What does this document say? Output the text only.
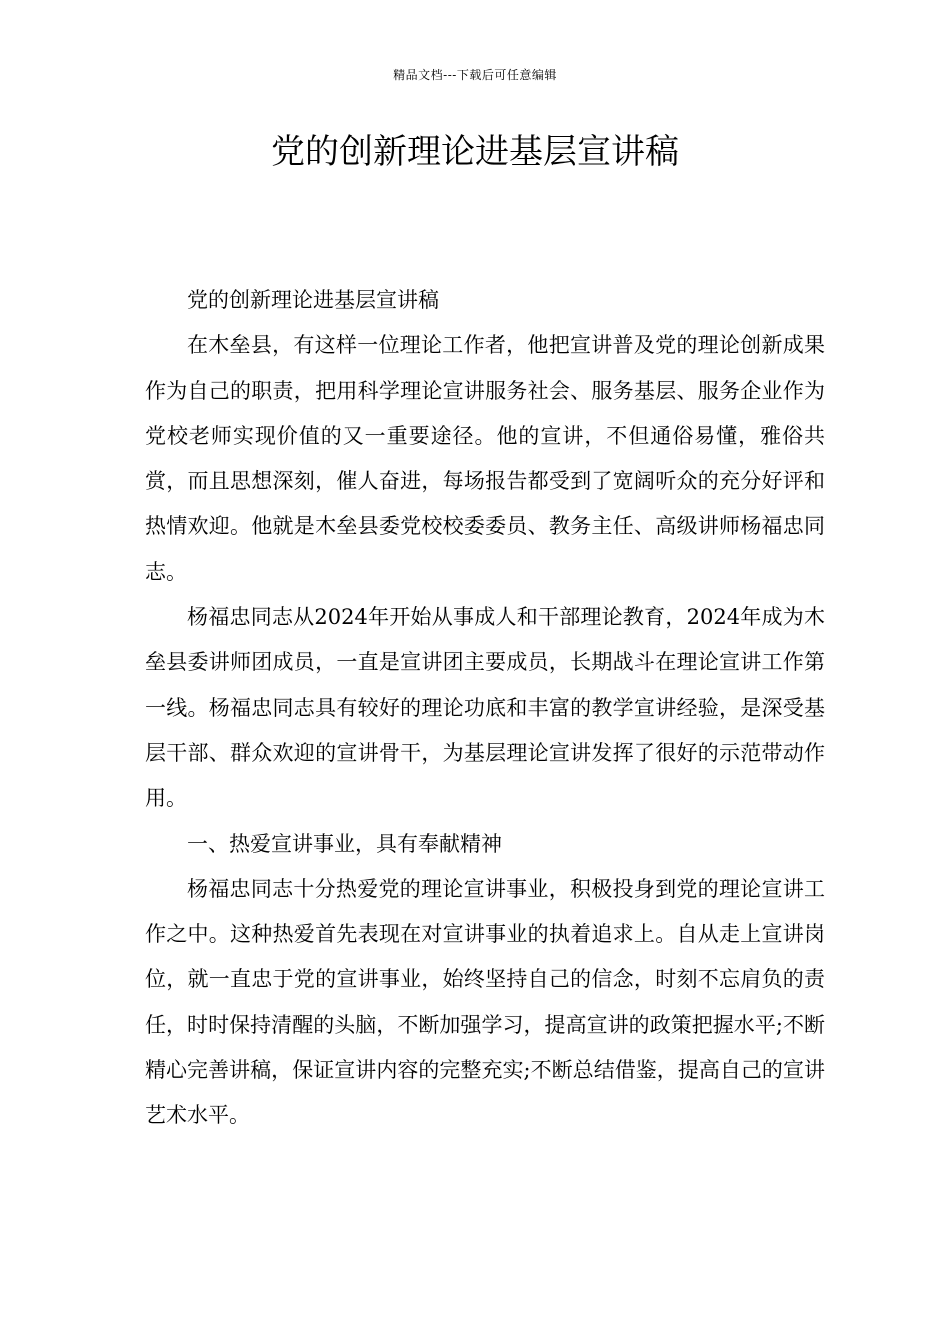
精品文档---下载后可任意编辑
党的创新理论进基层宣讲稿

党的创新理论进基层宣讲稿

在木垒县，有这样一位理论工作者，他把宣讲普及党的理论创新成果作为自己的职责，把用科学理论宣讲服务社会、服务基层、服务企业作为党校老师实现价值的又一重要途径。他的宣讲，不但通俗易懂，雅俗共赏，而且思想深刻，催人奋进，每场报告都受到了宽阔听众的充分好评和热情欢迎。他就是木垒县委党校校委委员、教务主任、高级讲师杨福忠同志。

杨福忠同志从2024年开始从事成人和干部理论教育，2024年成为木垒县委讲师团成员，一直是宣讲团主要成员，长期战斗在理论宣讲工作第一线。杨福忠同志具有较好的理论功底和丰富的教学宣讲经验，是深受基层干部、群众欢迎的宣讲骨干，为基层理论宣讲发挥了很好的示范带动作用。

一、热爱宣讲事业，具有奉献精神

杨福忠同志十分热爱党的理论宣讲事业，积极投身到党的理论宣讲工作之中。这种热爱首先表现在对宣讲事业的执着追求上。自从走上宣讲岗位，就一直忠于党的宣讲事业，始终坚持自己的信念，时刻不忘肩负的责任，时时保持清醒的头脑，不断加强学习，提高宣讲的政策把握水平;不断精心完善讲稿，保证宣讲内容的完整充实;不断总结借鉴，提高自己的宣讲艺术水平。
